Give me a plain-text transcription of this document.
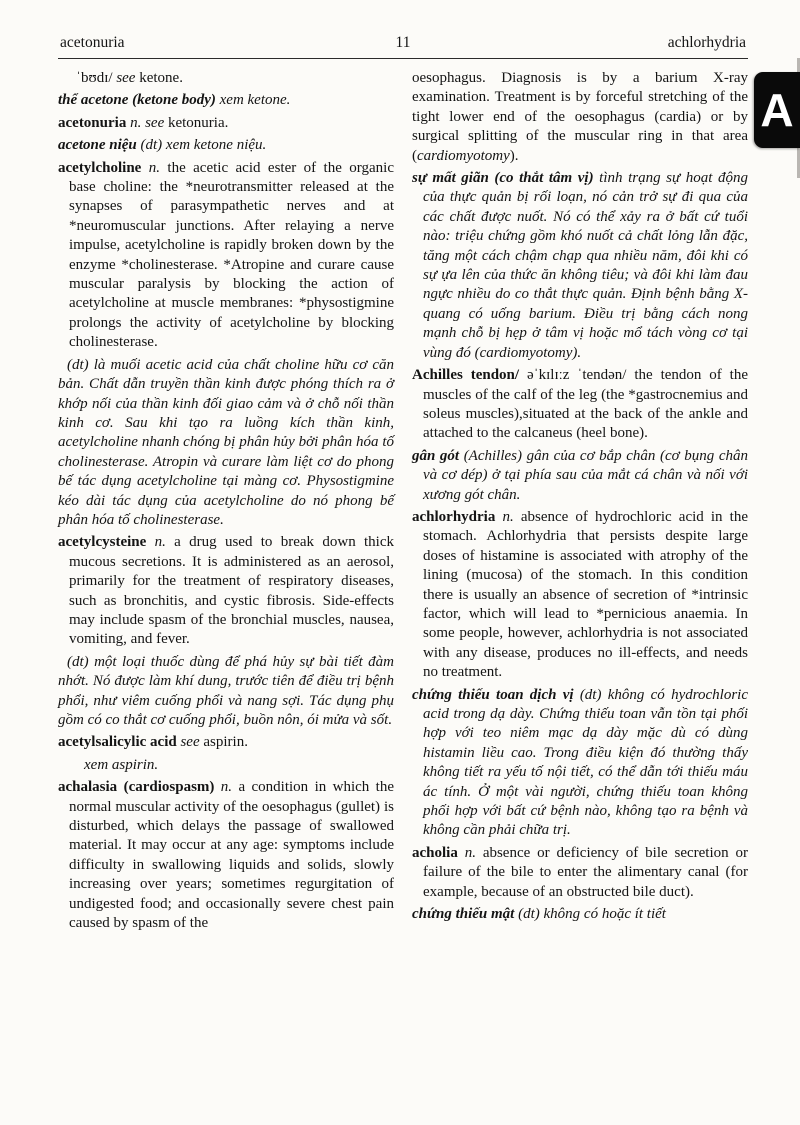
acetonuria	11	achlorhydria
A

ˈbʊdɪ/ see ketone.

thể acetone (ketone body) xem ketone.

acetonuria n. see ketonuria.

acetone niệu (dt) xem ketone niệu.

acetylcholine n. the acetic acid ester of the organic base choline: the *neurotransmitter released at the synapses of parasympathetic nerves and at *neuromuscular junctions. After relaying a nerve impulse, acetylcholine is rapidly broken down by the enzyme *cholinesterase. *Atropine and curare cause muscular paralysis by blocking the action of acetylcholine at muscle membranes: *physostigmine prolongs the activity of acetylcholine by blocking cholinesterase.

(dt) là muối acetic acid của chất choline hữu cơ căn bản. Chất dẫn truyền thần kinh được phóng thích ra ở khớp nối của thần kinh đối giao cảm và ở chỗ nối thần kinh cơ. Sau khi tạo ra luồng kích thần kinh, acetylcholine nhanh chóng bị phân hủy bởi phân hóa tố cholinesterase. Atropin và curare làm liệt cơ do phong bế tác dụng acetylcholine tại màng cơ. Physostigmine kéo dài tác dụng của acetylcholine do nó phong bế phân hóa tố cholinesterase.

acetylcysteine n. a drug used to break down thick mucous secretions. It is administered as an aerosol, primarily for the treatment of respiratory diseases, such as bronchitis, and cystic fibrosis. Side-effects may include spasm of the bronchial muscles, nausea, vomiting, and fever.

(dt) một loại thuốc dùng để phá hủy sự bài tiết đàm nhớt. Nó được làm khí dung, trước tiên để điều trị bệnh phổi, như viêm cuống phổi và nang sợi. Tác dụng phụ gồm có co thắt cơ cuống phổi, buồn nôn, ói mửa và sốt.

acetylsalicylic acid see aspirin.

xem aspirin.

achalasia (cardiospasm) n. a condition in which the normal muscular activity of the oesophagus (gullet) is disturbed, which delays the passage of swallowed material. It may occur at any age: symptoms include difficulty in swallowing liquids and solids, slowly increasing over years; sometimes regurgitation of undigested food; and occasionally severe chest pain caused by spasm of the

oesophagus. Diagnosis is by a barium X-ray examination. Treatment is by forceful stretching of the tight lower end of the oesophagus (cardia) or by surgical splitting of the muscular ring in that area (cardiomyotomy).

sự mất giãn (co thắt tâm vị) tình trạng sự hoạt động của thực quản bị rối loạn, nó cản trở sự đi qua của các chất được nuốt. Nó có thể xảy ra ở bất cứ tuổi nào: triệu chứng gồm khó nuốt cả chất lỏng lẫn đặc, tăng một cách chậm chạp qua nhiều năm, đôi khi có sự ựa lên của thức ăn không tiêu; và đôi khi làm đau ngực nhiều do co thắt thực quản. Định bệnh bằng X-quang có uống barium. Điều trị bằng cách nong mạnh chỗ bị hẹp ở tâm vị hoặc mổ tách vòng cơ tại vùng đó (cardiomyotomy).

Achilles tendon/ əˈkɪlɪːz ˈtendən/ the tendon of the muscles of the calf of the leg (the *gastrocnemius and soleus muscles),situated at the back of the ankle and attached to the calcaneus (heel bone).

gân gót (Achilles) gân của cơ bắp chân (cơ bụng chân và cơ dép) ở tại phía sau của mắt cá chân và nối với xương gót chân.

achlorhydria n. absence of hydrochloric acid in the stomach. Achlorhydria that persists despite large doses of histamine is associated with atrophy of the lining (mucosa) of the stomach. In this condition there is usually an absence of secretion of *intrinsic factor, which will lead to *pernicious anaemia. In some people, however, achlorhydria is not associated with any disease, produces no ill-effects, and needs no treatment.

chứng thiếu toan dịch vị (dt) không có hydrochloric acid trong dạ dày. Chứng thiếu toan vẫn tồn tại phối hợp với teo niêm mạc dạ dày mặc dù có dùng histamin liều cao. Trong điều kiện đó thường thấy không tiết ra yếu tố nội tiết, có thể dẫn tới thiếu máu ác tính. Ở một vài người, chứng thiếu toan không phối hợp với bất cứ bệnh nào, không tạo ra bệnh và không cần phải chữa trị.

acholia n. absence or deficiency of bile secretion or failure of the bile to enter the alimentary canal (for example, because of an obstructed bile duct).

chứng thiếu mật (dt) không có hoặc ít tiết
